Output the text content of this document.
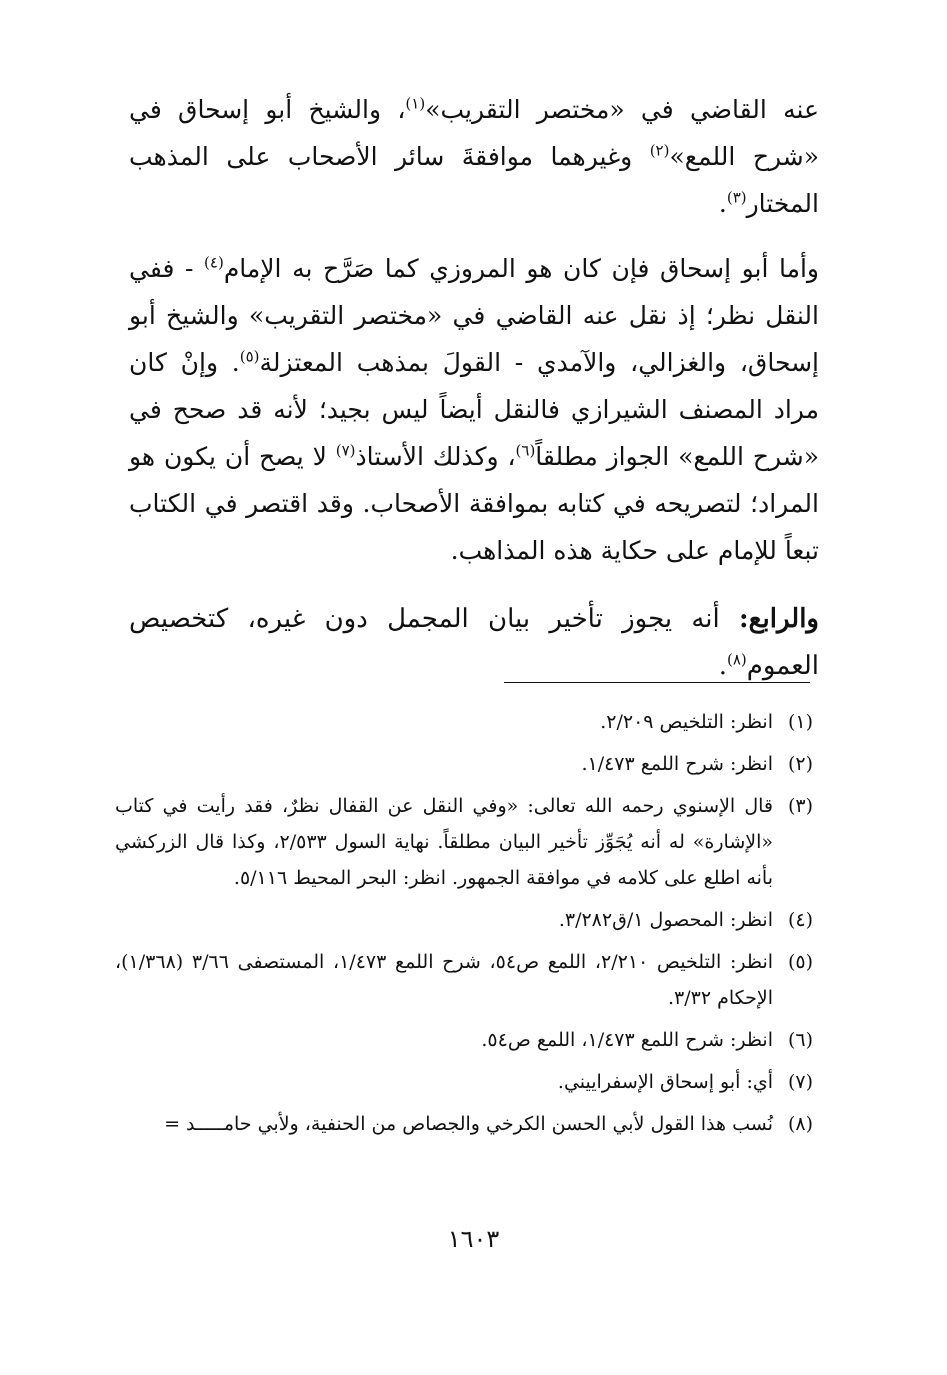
عنه القاضي في «مختصر التقريب»$^{(١)}$، والشيخ أبو إسحاق في «شرح اللمع»$^{(٢)}$ وغيرهما موافقةَ سائر الأصحاب على المذهب المختار$^{(٣)}$.

وأما أبو إسحاق فإن كان هو المروزي كما صَرَّح به الإمام$^{(٤)}$ - ففي النقل نظر؛ إذ نقل عنه القاضي في «مختصر التقريب» والشيخ أبو إسحاق، والغزالي، والآمدي - القولَ بمذهب المعتزلة$^{(٥)}$. وإنْ كان مراد المصنف الشيرازي فالنقل أيضاً ليس بجيد؛ لأنه قد صحح في «شرح اللمع» الجواز مطلقاً$^{(٦)}$، وكذلك الأستاذ$^{(٧)}$ لا يصح أن يكون هو المراد؛ لتصريحه في كتابه بموافقة الأصحاب. وقد اقتصر في الكتاب تبعاً للإمام على حكاية هذه المذاهب.

والرابع: أنه يجوز تأخير بيان المجمل دون غيره، كتخصيص العموم$^{(٨)}$.

(١)
انظر: التلخيص ٢/٢٠٩.
(٢)
انظر: شرح اللمع ١/٤٧٣.
(٣)
قال الإسنوي رحمه الله تعالى: «وفي النقل عن القفال نظرٌ، فقد رأيت في كتاب «الإشارة» له أنه يُجَوِّز تأخير البيان مطلقاً. نهاية السول ٢/٥٣٣، وكذا قال الزركشي بأنه اطلع على كلامه في موافقة الجمهور. انظر: البحر المحيط ٥/١١٦.
(٤)
انظر: المحصول ١/ق٣/٢٨٢.
(٥)
انظر: التلخيص ٢/٢١٠، اللمع ص٥٤، شرح اللمع ١/٤٧٣، المستصفى ٣/٦٦ (١/٣٦٨)، الإحكام ٣/٣٢.
(٦)
انظر: شرح اللمع ١/٤٧٣، اللمع ص٥٤.
(٧)
أي: أبو إسحاق الإسفراييني.
(٨)
نُسب هذا القول لأبي الحسن الكرخي والجصاص من الحنفية، ولأبي حامـــــد =
١٦٠٣
